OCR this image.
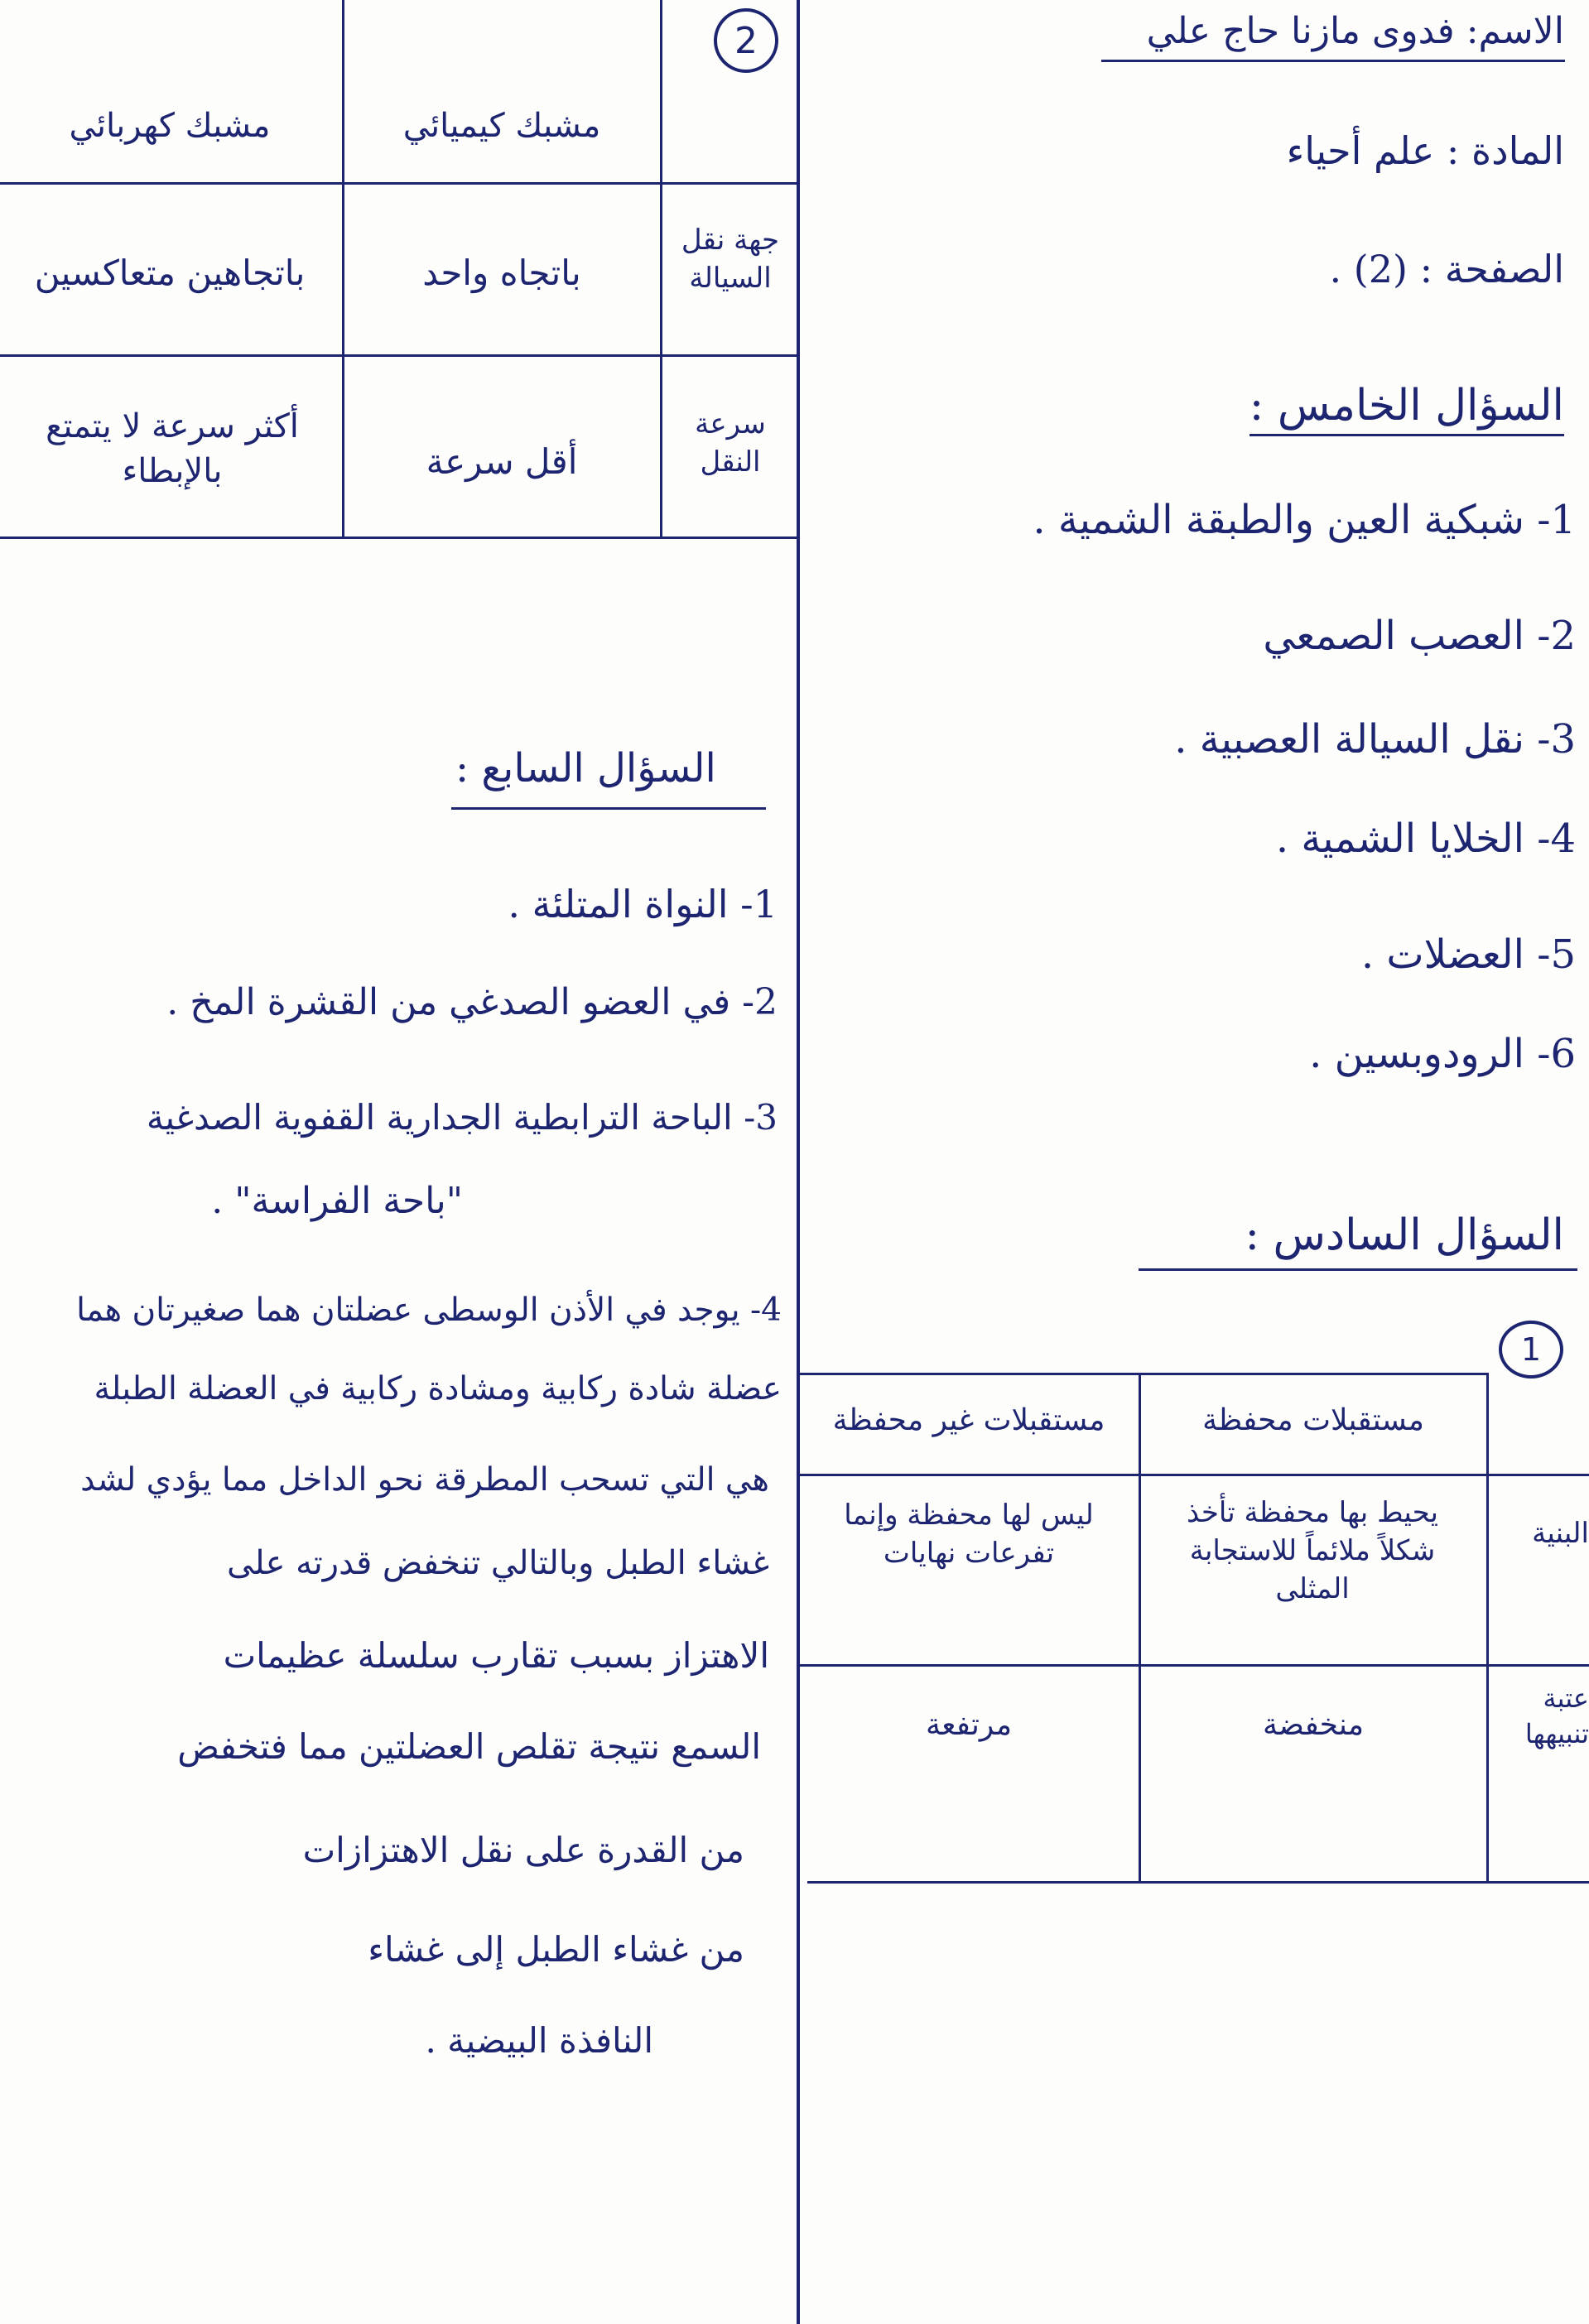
2	الاسم: فدوى مازنا حاج علي
المادة : علم أحياء
الصفحة : (2) .
السؤال الخامس :
1- شبكية العين والطبقة الشمية .
2- العصب الصمعي
3- نقل السيالة العصبية .
4- الخلايا الشمية .
5- العضلات .
6- الرودوبسين .
السؤال السادس :
1
مستقبلات محفظة
مستقبلات غير محفظة
البنية
يحيط بها محفظة تأخذ شكلاً ملائماً للاستجابة المثلى
ليس لها محفظة وإنما تفرعات نهايات
عتبة تنبيهها
منخفضة
مرتفعة
مشبك كيميائي
مشبك كهربائي
جهة نقل السيالة
باتجاه واحد
باتجاهين متعاكسين
سرعة النقل
أقل سرعة
أكثر سرعة لا يتمتع بالإبطاء
السؤال السابع :
1- النواة المتلئة .
2- في العضو الصدغي من القشرة المخ .
3- الباحة الترابطية الجدارية القفوية الصدغية
"باحة الفراسة" .
4- يوجد في الأذن الوسطى عضلتان هما صغيرتان هما
عضلة شادة ركابية ومشادة ركابية في العضلة الطبلة
هي التي تسحب المطرقة نحو الداخل مما يؤدي لشد
غشاء الطبل وبالتالي تنخفض قدرته على
الاهتزاز بسبب تقارب سلسلة عظيمات
السمع نتيجة تقلص العضلتين مما فتخفض
من القدرة على نقل الاهتزازات
من غشاء الطبل إلى غشاء
النافذة البيضية .
